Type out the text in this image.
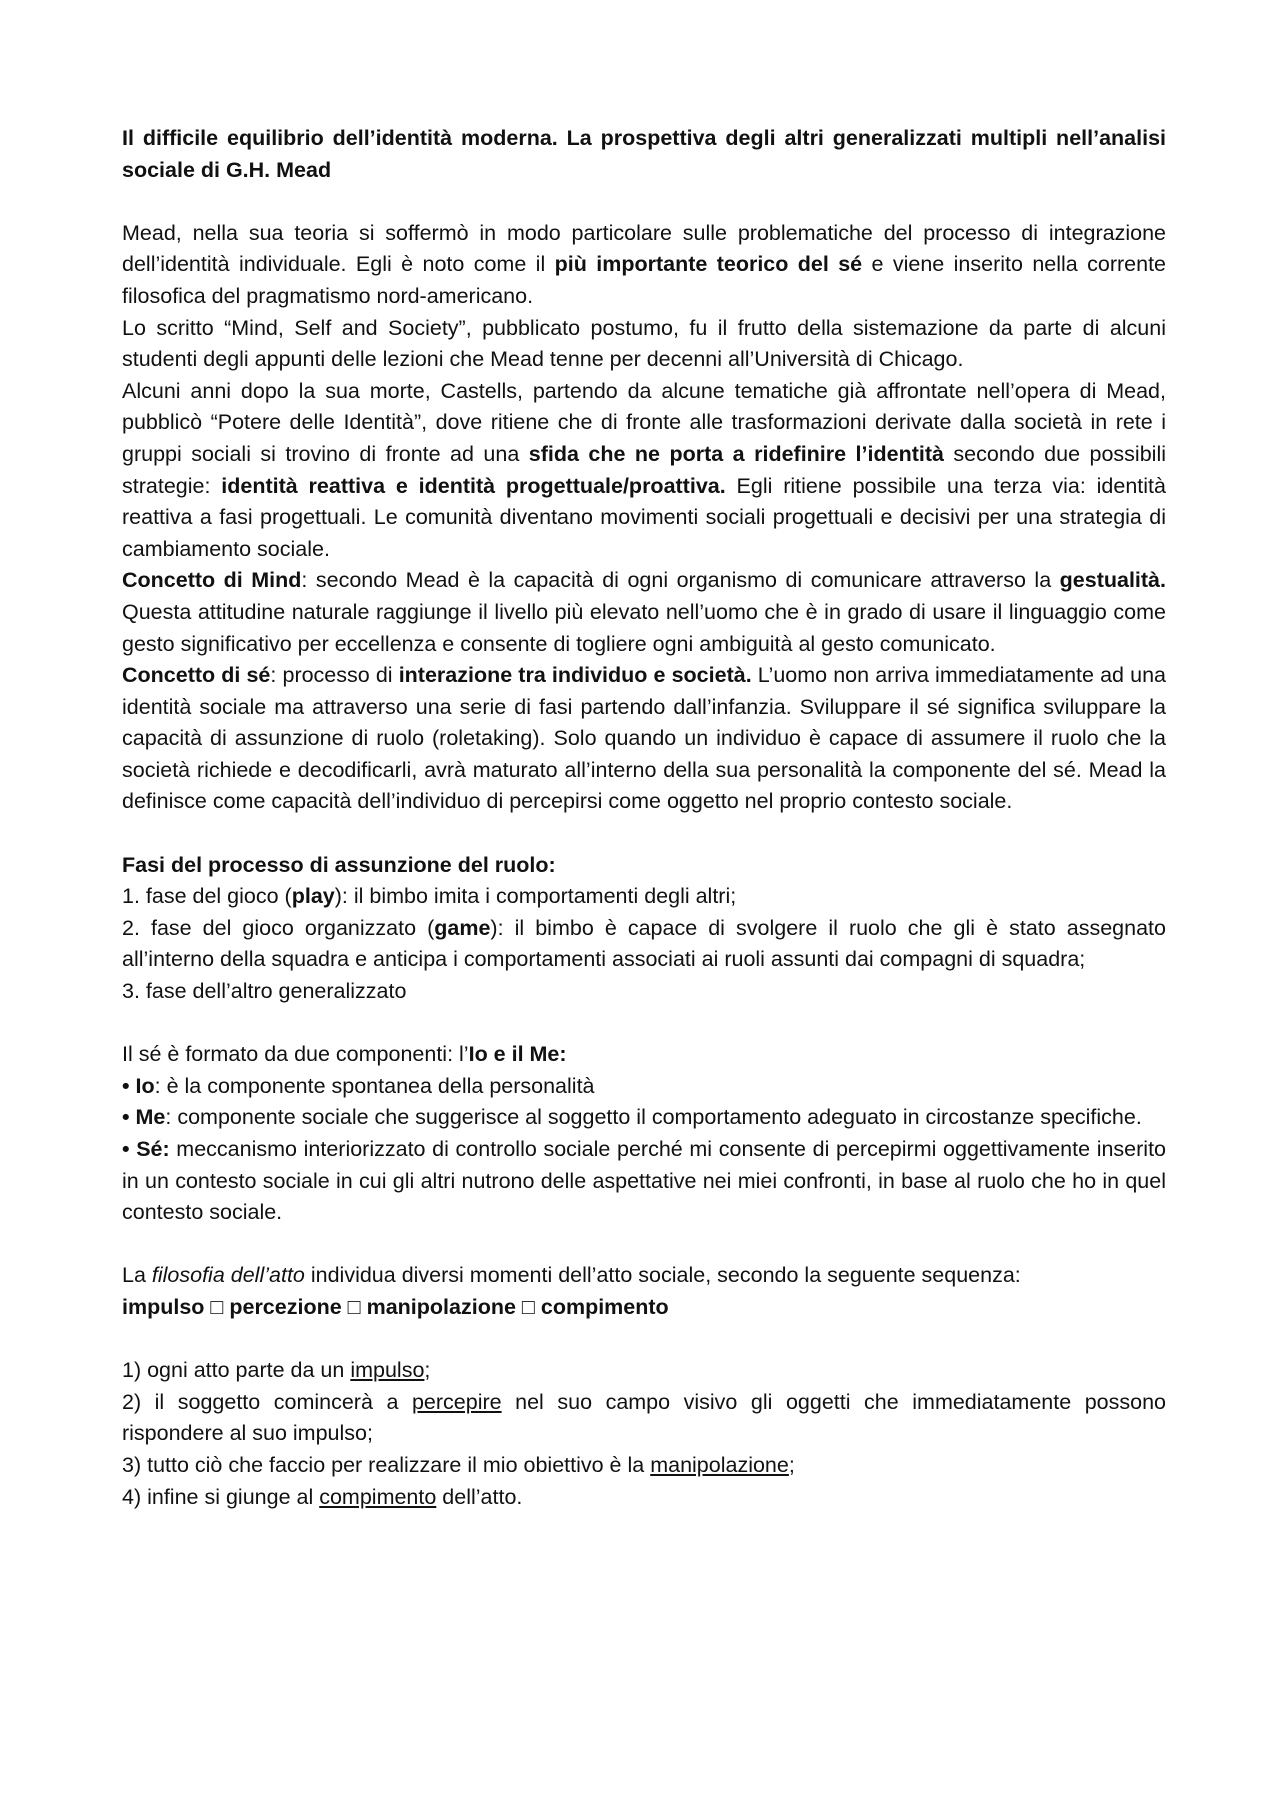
Il difficile equilibrio dell’identità moderna. La prospettiva degli altri generalizzati multipli nell’analisi sociale di G.H. Mead

Mead, nella sua teoria si soffermò in modo particolare sulle problematiche del processo di integrazione dell’identità individuale. Egli è noto come il più importante teorico del sé e viene inserito nella corrente filosofica del pragmatismo nord-americano.

Lo scritto “Mind, Self and Society”, pubblicato postumo, fu il frutto della sistemazione da parte di alcuni studenti degli appunti delle lezioni che Mead tenne per decenni all’Università di Chicago.

Alcuni anni dopo la sua morte, Castells, partendo da alcune tematiche già affrontate nell’opera di Mead, pubblicò “Potere delle Identità”, dove ritiene che di fronte alle trasformazioni derivate dalla società in rete i gruppi sociali si trovino di fronte ad una sfida che ne porta a ridefinire l’identità secondo due possibili strategie: identità reattiva e identità progettuale/proattiva. Egli ritiene possibile una terza via: identità reattiva a fasi progettuali. Le comunità diventano movimenti sociali progettuali e decisivi per una strategia di cambiamento sociale.

Concetto di Mind: secondo Mead è la capacità di ogni organismo di comunicare attraverso la gestualità. Questa attitudine naturale raggiunge il livello più elevato nell’uomo che è in grado di usare il linguaggio come gesto significativo per eccellenza e consente di togliere ogni ambiguità al gesto comunicato.

Concetto di sé: processo di interazione tra individuo e società. L’uomo non arriva immediatamente ad una identità sociale ma attraverso una serie di fasi partendo dall’infanzia. Sviluppare il sé significa sviluppare la capacità di assunzione di ruolo (roletaking). Solo quando un individuo è capace di assumere il ruolo che la società richiede e decodificarli, avrà maturato all’interno della sua personalità la componente del sé. Mead la definisce come capacità dell’individuo di percepirsi come oggetto nel proprio contesto sociale.

Fasi del processo di assunzione del ruolo:

1. fase del gioco (play): il bimbo imita i comportamenti degli altri;

2. fase del gioco organizzato (game): il bimbo è capace di svolgere il ruolo che gli è stato assegnato all’interno della squadra e anticipa i comportamenti associati ai ruoli assunti dai compagni di squadra;

3. fase dell’altro generalizzato

Il sé è formato da due componenti: l’Io e il Me:

• Io: è la componente spontanea della personalità

• Me: componente sociale che suggerisce al soggetto il comportamento adeguato in circostanze specifiche.

• Sé: meccanismo interiorizzato di controllo sociale perché mi consente di percepirmi oggettivamente inserito in un contesto sociale in cui gli altri nutrono delle aspettative nei miei confronti, in base al ruolo che ho in quel contesto sociale.

La filosofia dell’atto individua diversi momenti dell’atto sociale, secondo la seguente sequenza:

impulso □ percezione □ manipolazione □ compimento

1) ogni atto parte da un impulso;

2) il soggetto comincerà a percepire nel suo campo visivo gli oggetti che immediatamente possono rispondere al suo impulso;

3) tutto ciò che faccio per realizzare il mio obiettivo è la manipolazione;

4) infine si giunge al compimento dell’atto.
